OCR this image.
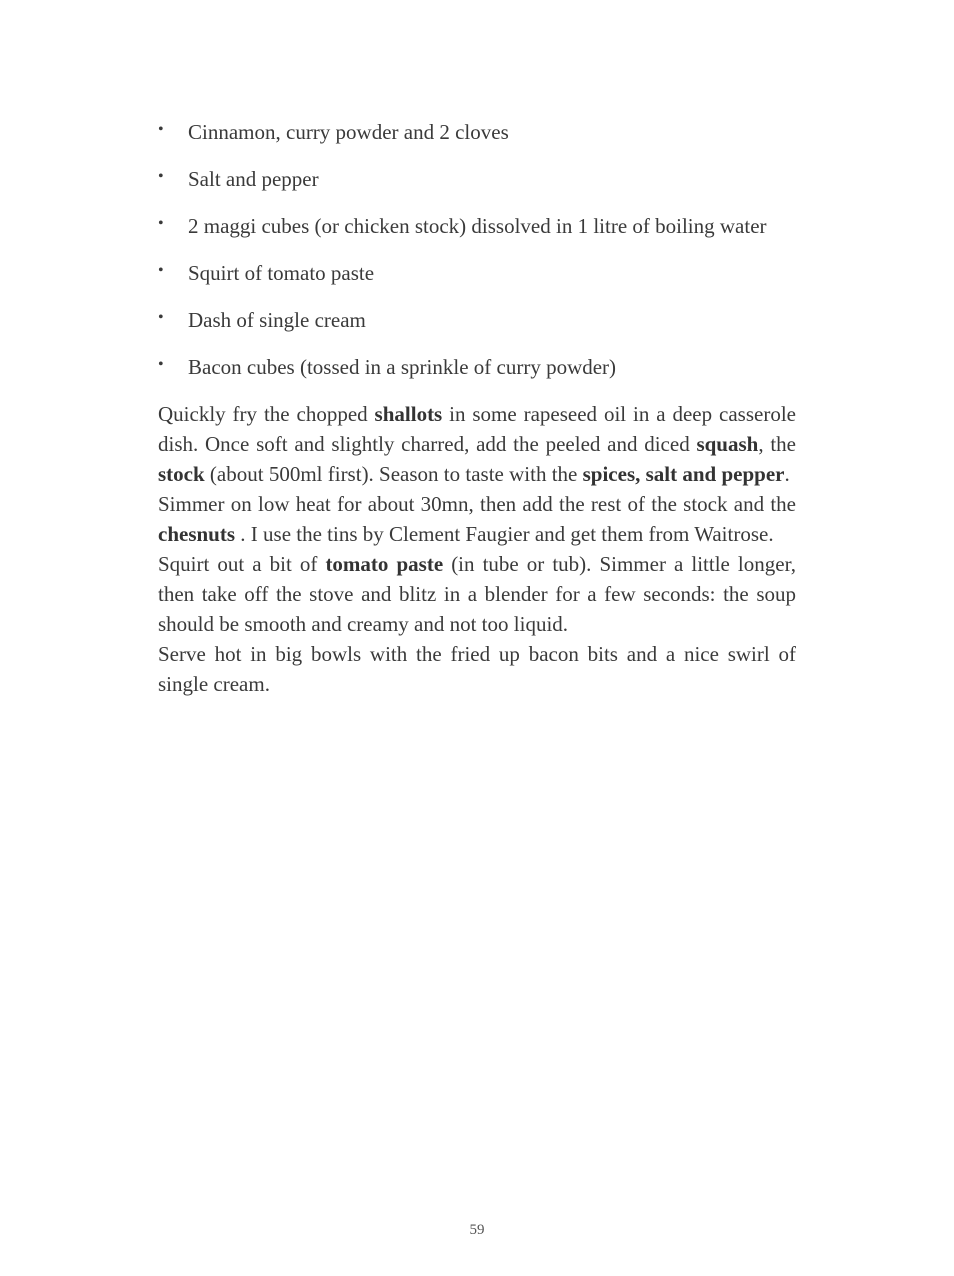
• Cinnamon, curry powder and 2 cloves
• Salt and pepper
• 2 maggi cubes (or chicken stock) dissolved in 1 litre of boiling water
• Squirt of tomato paste
• Dash of single cream
• Bacon cubes (tossed in a sprinkle of curry powder)

Quickly fry the chopped shallots in some rapeseed oil in a deep casserole dish. Once soft and slightly charred, add the peeled and diced squash, the stock (about 500ml first). Season to taste with the spices, salt and pepper.

Simmer on low heat for about 30mn, then add the rest of the stock and the chesnuts . I use the tins by Clement Faugier and get them from Waitrose.

Squirt out a bit of tomato paste (in tube or tub). Simmer a little longer, then take off the stove and blitz in a blender for a few seconds: the soup should be smooth and creamy and not too liquid.

Serve hot in big bowls with the fried up bacon bits and a nice swirl of single cream.

59
